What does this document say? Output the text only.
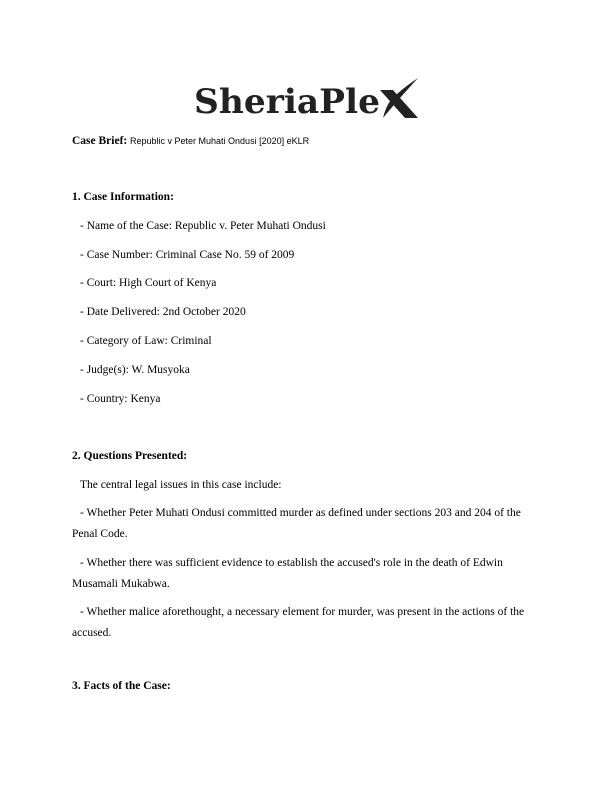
SheriaPle
Case Brief: Republic v Peter Muhati Ondusi [2020] eKLR
1. Case Information:
- Name of the Case: Republic v. Peter Muhati Ondusi
- Case Number: Criminal Case No. 59 of 2009
- Court: High Court of Kenya
- Date Delivered: 2nd October 2020
- Category of Law: Criminal
- Judge(s): W. Musyoka
- Country: Kenya
2. Questions Presented:
The central legal issues in this case include:
- Whether Peter Muhati Ondusi committed murder as defined under sections 203 and 204 of the Penal Code.
- Whether there was sufficient evidence to establish the accused's role in the death of Edwin Musamali Mukabwa.
- Whether malice aforethought, a necessary element for murder, was present in the actions of the accused.
3. Facts of the Case:
